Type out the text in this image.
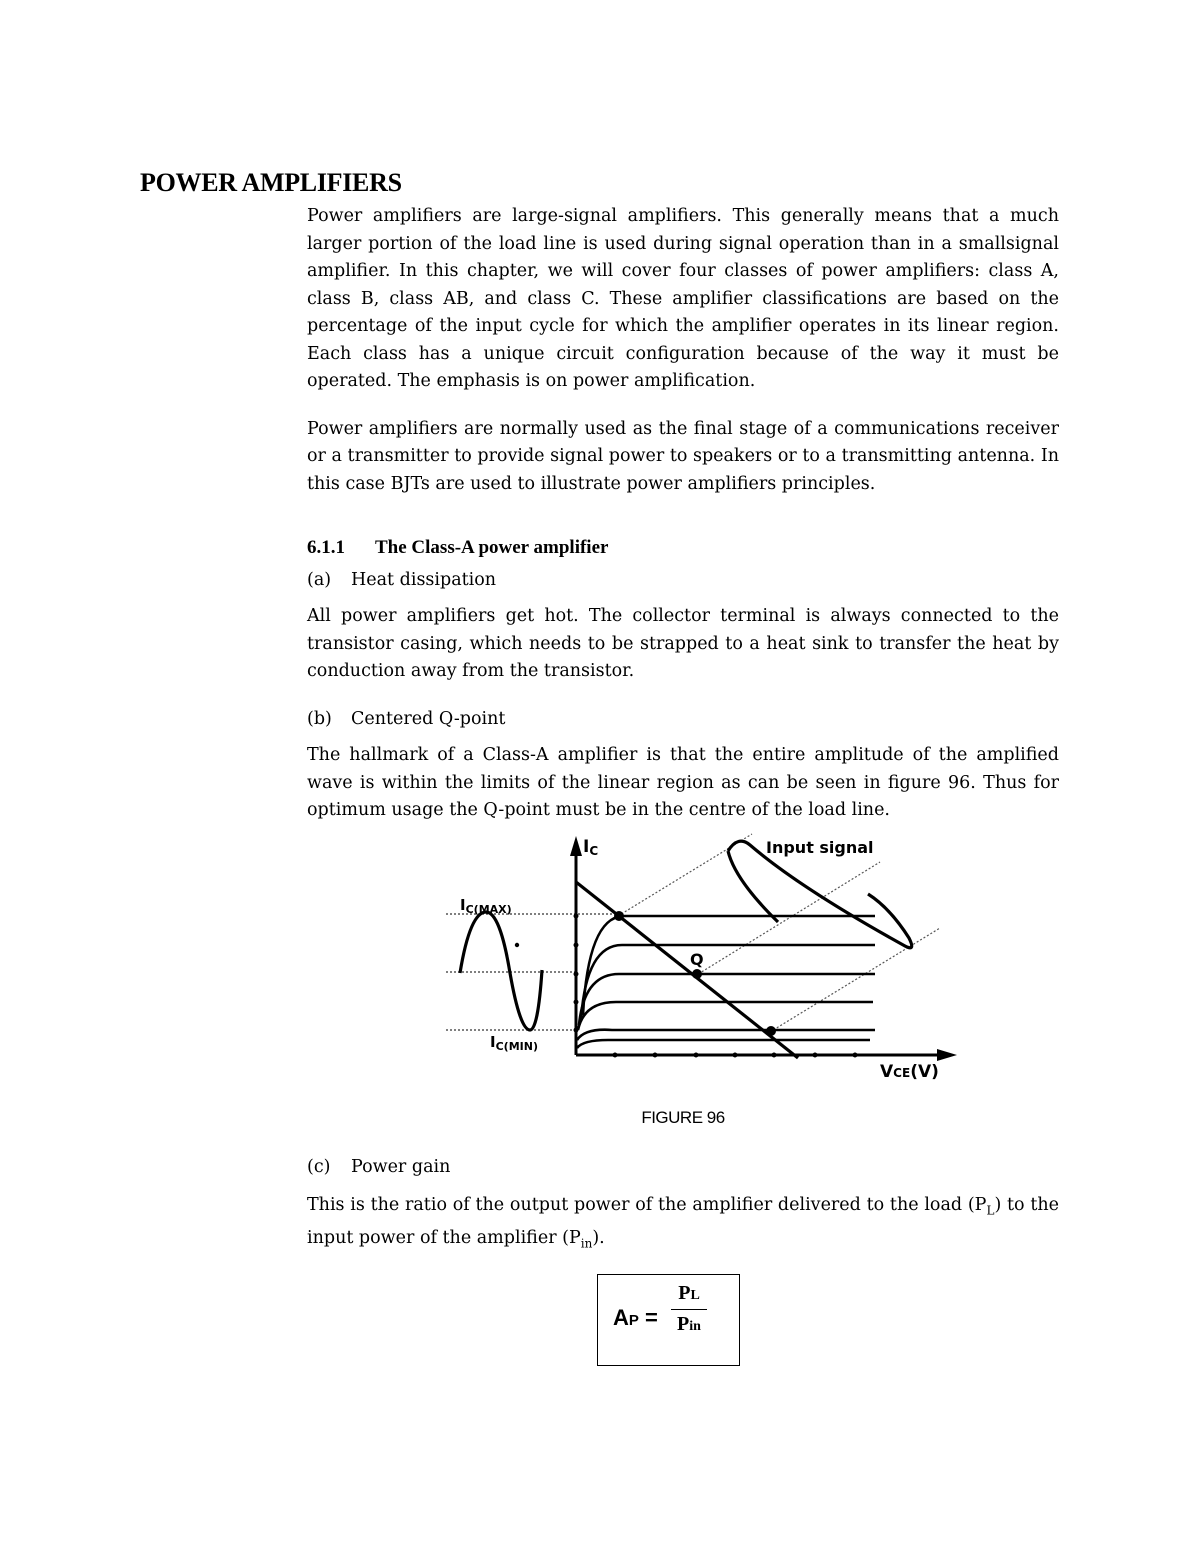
POWER AMPLIFIERS

Power amplifiers are large-signal amplifiers. This generally means that a much larger portion of the load line is used during signal operation than in a smallsignal amplifier. In this chapter, we will cover four classes of power amplifiers: class A, class B, class AB, and class C. These amplifier classifications are based on the percentage of the input cycle for which the amplifier operates in its linear region. Each class has a unique circuit configuration because of the way it must be operated. The emphasis is on power amplification.

Power amplifiers are normally used as the final stage of a communications receiver or a transmitter to provide signal power to speakers or to a transmitting antenna. In this case BJTs are used to illustrate power amplifiers principles.

6.1.1 The Class-A power amplifier
(a) Heat dissipation

All power amplifiers get hot. The collector terminal is always connected to the transistor casing, which needs to be strapped to a heat sink to transfer the heat by conduction away from the transistor.

(b) Centered Q-point

The hallmark of a Class-A amplifier is that the entire amplitude of the amplified wave is within the limits of the linear region as can be seen in figure 96. Thus for optimum usage the Q-point must be in the centre of the load line.

IC	Input signal
$I_{C(MAX)}$
Q
$I_{C(MIN)}$
VCE(V)
FIGURE 96
(c) Power gain

This is the ratio of the output power of the amplifier delivered to the load $(P_L)$ to the input power of the amplifier $(P_{in})$.

AP =
PL
Pin
